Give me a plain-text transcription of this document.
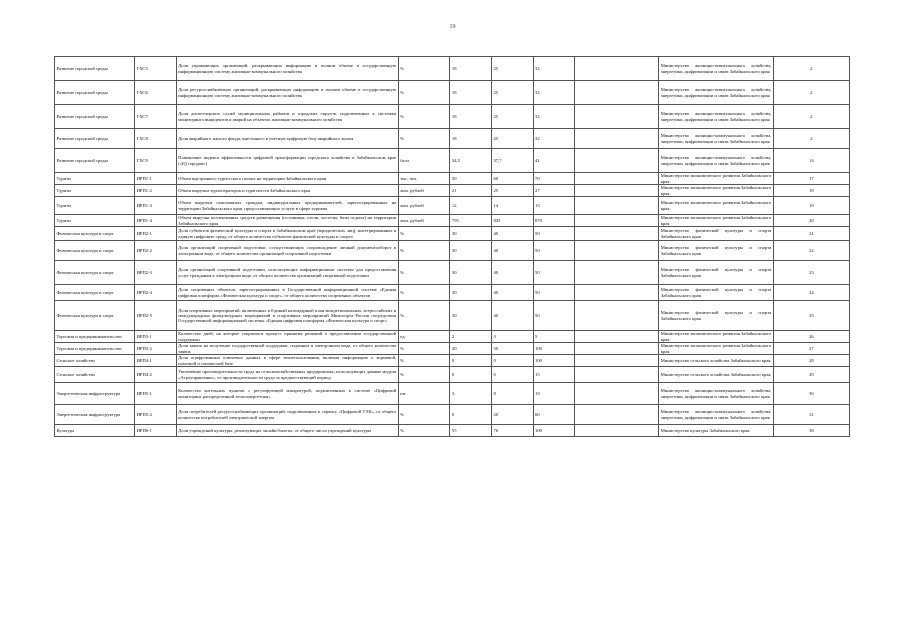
19
Развитие городской среды	ГХС5	Доля управляющих организаций, раскрывающих информацию в полном объеме в государственную информационную систему жилищно-коммунального хозяйства	%	18	25	32		Министерство жилищно-коммунального хозяйства, энергетики, цифровизации и связи Забайкальского края	2
Развитие городской среды	ГХС6	Доля ресурсоснабжающих организаций, раскрывающих информацию в полном объеме в государственную информационную систему жилищно-коммунального хозяйства	%	18	25	32		Министерство жилищно-коммунального хозяйства, энергетики, цифровизации и связи Забайкальского края	2
Развитие городской среды	ГХС7	Доля диспетчерских служб муниципальных районов и городских округов, подключенных к системам мониторинга инцидентов и аварий на объектах жилищно-коммунального хозяйства	%	18	25	32		Министерство жилищно-коммунального хозяйства, энергетики, цифровизации и связи Забайкальского края	2
Развитие городской среды	ГХС8	Доля аварийного жилого фонда, внесенного в учетную цифровую базу аварийного жилья	%	18	25	32		Министерство жилищно-коммунального хозяйства, энергетики, цифровизации и связи Забайкальского края	2
Развитие городской среды	ГХС9	Повышение индекса эффективности цифровой трансформации городского хозяйства в Забайкальском крае («IQ городов»)	балл	34,5	37,7	41		Министерство жилищно-коммунального хозяйства, энергетики, цифровизации и связи Забайкальского края	14
Туризм	ИРП1-1	Объем внутреннего туристского потока на территории Забайкальского края	тыс. чел.	50	60	70		Министерство экономического развития Забайкальского края	17
Туризм	ИРП1-2	Объем выручки турооператоров и турагентств Забайкальского края	млн. рублей	21	25	27		Министерство экономического развития Забайкальского края	18
Туризм	ИРП1-3	Объем выручки самозанятых граждан, индивидуальных предпринимателей, зарегистрированных на территории Забайкальского края, предоставляющих услуги в сфере туризма	млн. рублей	12	14	15		Министерство экономического развития Забайкальского края	19
Туризм	ИРП1-4	Объем выручки коллективных средств размещения (гостиницы, отели, хостелы, базы отдыха) на территории Забайкальского края	млн. рублей	795	845	870		Министерство экономического развития Забайкальского края	20
Физическая культура и спорт	ИРП2-1	Доля субъектов физической культуры и спорта в Забайкальском крае (юридических лиц), интегрированных в единую цифровую среду, от общего количества субъектов физической культуры и спорта	%	30	40	50		Министерство физической культуры и спорта Забайкальского края	21
Физическая культура и спорт	ИРП2-2	Доля организаций спортивной подготовки, осуществляющих сопровождение личный документооборот в электронном виде, от общего количества организаций спортивной подготовки	%	30	40	50		Министерство физической культуры и спорта Забайкальского края	22
Физическая культура и спорт	ИРП2-3	Доля организаций спортивной подготовки, использующих информационные системы для предоставления услуг гражданам в электронном виде, от общего количества организаций спортивной подготовки	%	30	40	50		Министерство физической культуры и спорта Забайкальского края	23
Физическая культура и спорт	ИРП2-4	Доля спортивных объектов, зарегистрированных в Государственной информационной системе «Единая цифровая платформа «Физическая культура и спорт», от общего количества спортивных объектов	%	30	40	50		Министерство физической культуры и спорта Забайкальского края	24
Физическая культура и спорт	ИРП2-5	Доля спортивных мероприятий, включенных в Единый календарный план межрегиональных, всероссийских и международных физкультурных мероприятий и спортивных мероприятий Минспорта России посредством Государственной информационной системы «Единая цифровая платформа «Физическая культура и спорт»	%	30	40	50		Министерство физической культуры и спорта Забайкальского края	25
Торговля и предпринимательство	ИРП3-1	Количество дней, на которые сократился процесс принятия решений о предоставлении государственной поддержки	ед.	2	3	5		Министерство экономического развития Забайкальского края	26
Торговля и предпринимательство	ИРП3-2	Доля заявок на получение государственной поддержки, поданных в электронном виде, от общего количества заявок	%	20	50	100		Министерство экономического развития Забайкальского края	27
Сельское хозяйство	ИРП4-1	Доля оцифрованных ключевых данных в сфере землепользования, включая информацию о кормовой, пахотной и сенокосной базе	%	0	0	100		Министерство сельского хозяйства Забайкальского края	28
Сельское хозяйство	ИРП4-2	Увеличение производительности труда на сельскохозяйственных предприятиях, использующих данные модуля «Агроуправление», от производительности труда за предшествующий период	%	0	0	15		Министерство сельского хозяйства Забайкальского края	29
Энергетическая инфраструктура	ИРП5-1	Количество котельных пунктов с регулирующей аппаратурой, подключенных к системе «Цифровой мониторинг распределенной теплоэнергетики»	шт.	3	8	19		Министерство жилищно-коммунального хозяйства, энергетики, цифровизации и связи Забайкальского края	30
Энергетическая инфраструктура	ИРП5-2	Доля потребителей ресурсоснабжающих организаций, подключенных к сервису «Цифровой ТЭК», от общего количества потребителей электрической энергии	%	0	20	60		Министерство жилищно-коммунального хозяйства, энергетики, цифровизации и связи Забайкальского края	31
Культура	ИРП6-1	Доля учреждений культуры, реализующих онлайн-билеты, от общего числа учреждений культуры	%	55	76	100		Министерство культуры Забайкальского края	38
